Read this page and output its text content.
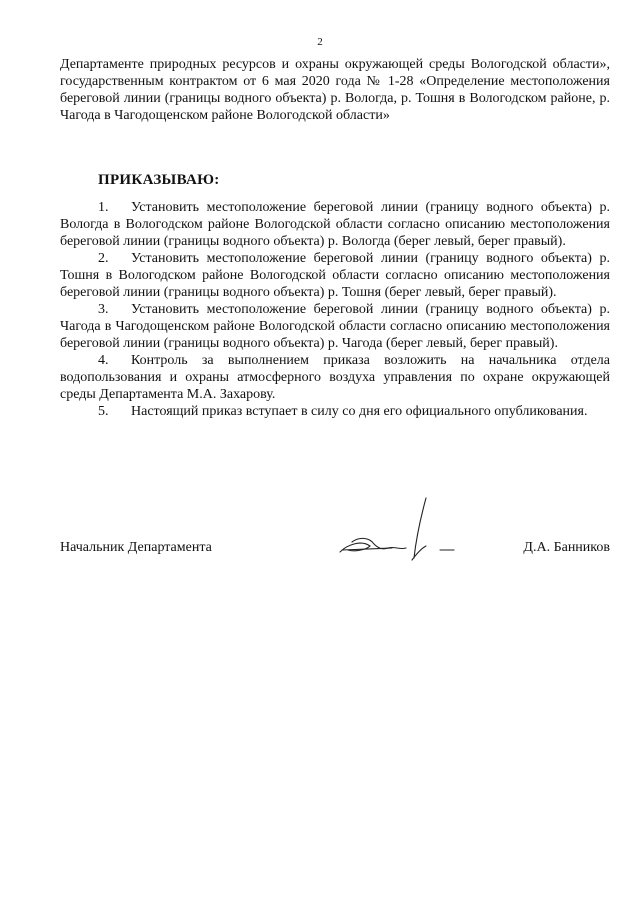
2

Департаменте природных ресурсов и охраны окружающей среды Вологодской области», государственным контрактом от 6 мая 2020 года № 1-28 «Определение местоположения береговой линии (границы водного объекта) р. Вологда, р. Тошня в Вологодском районе, р. Чагода в Чагодощенском районе Вологодской области»

ПРИКАЗЫВАЮ:

1. Установить местоположение береговой линии (границу водного объекта) р. Вологда в Вологодском районе Вологодской области согласно описанию местоположения береговой линии (границы водного объекта) р. Вологда (берег левый, берег правый).

2. Установить местоположение береговой линии (границу водного объекта) р. Тошня в Вологодском районе Вологодской области согласно описанию местоположения береговой линии (границы водного объекта) р. Тошня (берег левый, берег правый).

3. Установить местоположение береговой линии (границу водного объекта) р. Чагода в Чагодощенском районе Вологодской области согласно описанию местоположения береговой линии (границы водного объекта) р. Чагода (берег левый, берег правый).

4. Контроль за выполнением приказа возложить на начальника отдела водопользования и охраны атмосферного воздуха управления по охране окружающей среды Департамента М.А. Захарову.

5. Настоящий приказ вступает в силу со дня его официального опубликования.

Начальник Департамента	Д.А. Банников
